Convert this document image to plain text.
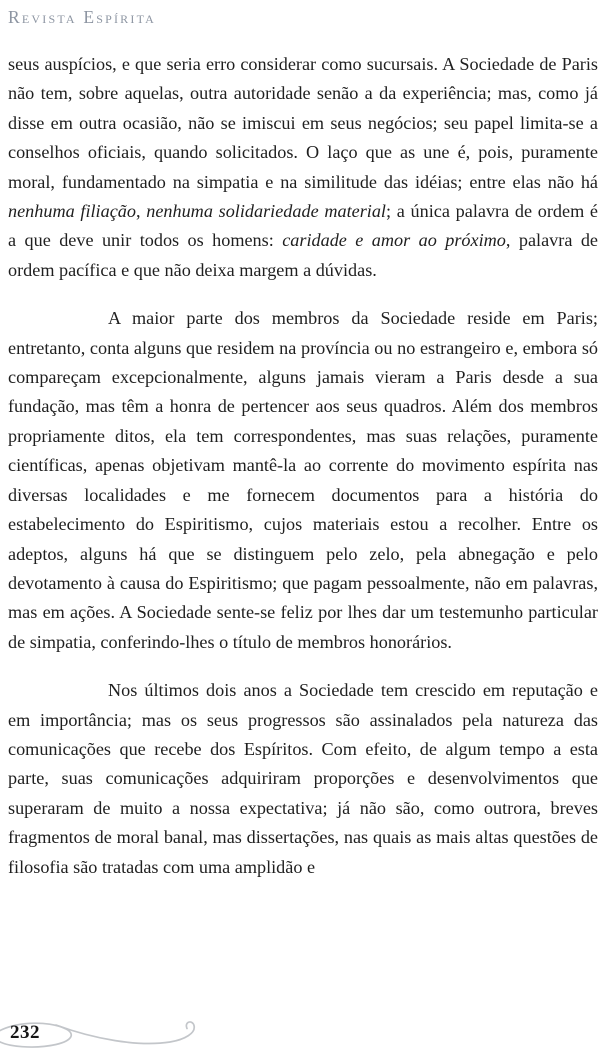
Revista Espírita

seus auspícios, e que seria erro considerar como sucursais. A Sociedade de Paris não tem, sobre aquelas, outra autoridade senão a da experiência; mas, como já disse em outra ocasião, não se imiscui em seus negócios; seu papel limita-se a conselhos oficiais, quando solicitados. O laço que as une é, pois, puramente moral, fundamentado na simpatia e na similitude das idéias; entre elas não há nenhuma filiação, nenhuma solidariedade material; a única palavra de ordem é a que deve unir todos os homens: caridade e amor ao próximo, palavra de ordem pacífica e que não deixa margem a dúvidas.

A maior parte dos membros da Sociedade reside em Paris; entretanto, conta alguns que residem na província ou no estrangeiro e, embora só compareçam excepcionalmente, alguns jamais vieram a Paris desde a sua fundação, mas têm a honra de pertencer aos seus quadros. Além dos membros propriamente ditos, ela tem correspondentes, mas suas relações, puramente científicas, apenas objetivam mantê-la ao corrente do movimento espírita nas diversas localidades e me fornecem documentos para a história do estabelecimento do Espiritismo, cujos materiais estou a recolher. Entre os adeptos, alguns há que se distinguem pelo zelo, pela abnegação e pelo devotamento à causa do Espiritismo; que pagam pessoalmente, não em palavras, mas em ações. A Sociedade sente-se feliz por lhes dar um testemunho particular de simpatia, conferindo-lhes o título de membros honorários.

Nos últimos dois anos a Sociedade tem crescido em reputação e em importância; mas os seus progressos são assinalados pela natureza das comunicações que recebe dos Espíritos. Com efeito, de algum tempo a esta parte, suas comunicações adquiriram proporções e desenvolvimentos que superaram de muito a nossa expectativa; já não são, como outrora, breves fragmentos de moral banal, mas dissertações, nas quais as mais altas questões de filosofia são tratadas com uma amplidão e

232
